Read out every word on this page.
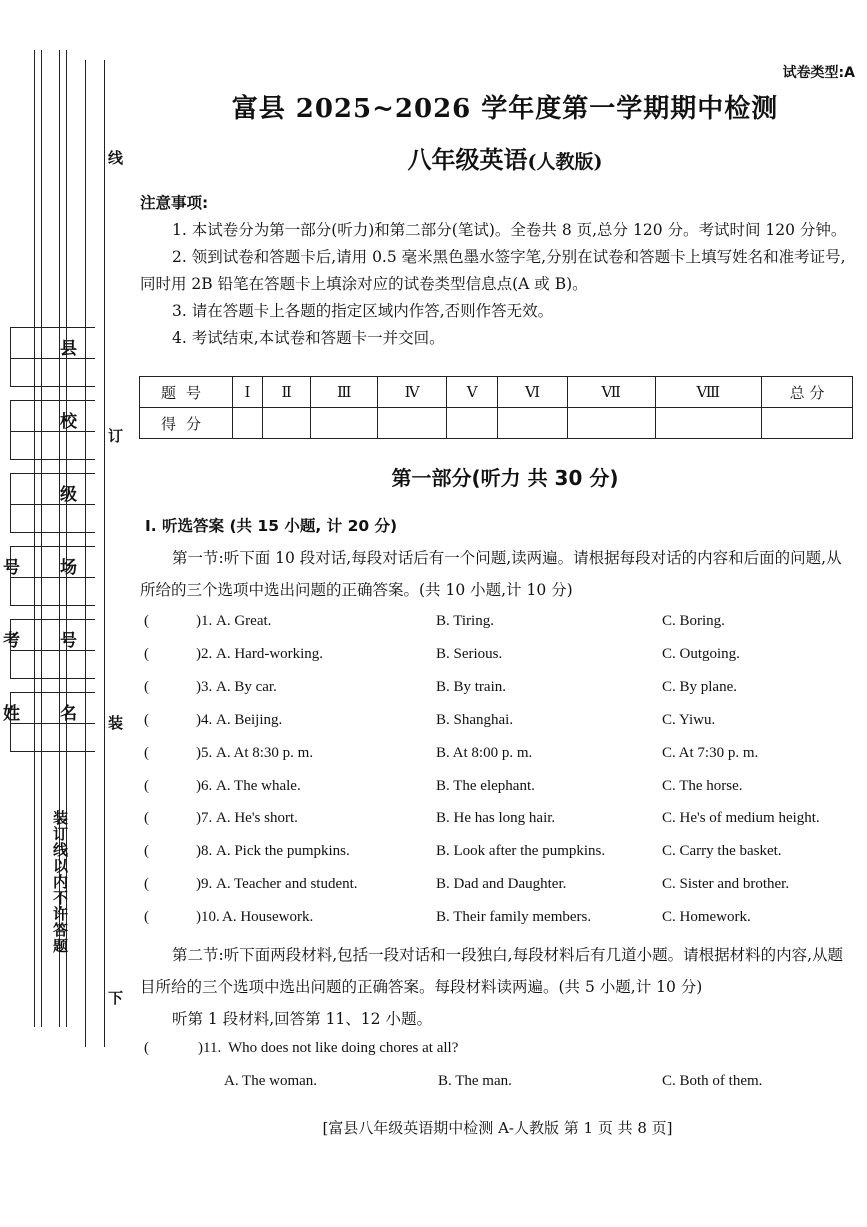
线
订
装
下
县
校
级
号 场
考 号
姓 名
装订线以内不许答题
试卷类型:A
富县 2025~2026 学年度第一学期期中检测
八年级英语(人教版)
注意事项:

1. 本试卷分为第一部分(听力)和第二部分(笔试)。全卷共 8 页,总分 120 分。考试时间 120 分钟。

2. 领到试卷和答题卡后,请用 0.5 毫米黑色墨水签字笔,分别在试卷和答题卡上填写姓名和准考证号,同时用 2B 铅笔在答题卡上填涂对应的试卷类型信息点(A 或 B)。

3. 请在答题卡上各题的指定区域内作答,否则作答无效。

4. 考试结束,本试卷和答题卡一并交回。

题号	Ⅰ	Ⅱ	Ⅲ	Ⅳ	Ⅴ	Ⅵ	Ⅶ	Ⅷ	总 分
得分									
第一部分(听力 共 30 分)
Ⅰ. 听选答案 (共 15 小题, 计 20 分)

第一节:听下面 10 段对话,每段对话后有一个问题,读两遍。请根据每段对话的内容和后面的问题,从所给的三个选项中选出问题的正确答案。(共 10 小题,计 10 分)

(	)1. A. Great.	B. Tiring.	C. Boring.
(	)2. A. Hard-working.	B. Serious.	C. Outgoing.
(	)3. A. By car.	B. By train.	C. By plane.
(	)4. A. Beijing.	B. Shanghai.	C. Yiwu.
(	)5. A. At 8:30 p. m.	B. At 8:00 p. m.	C. At 7:30 p. m.
(	)6. A. The whale.	B. The elephant.	C. The horse.
(	)7. A. He's short.	B. He has long hair.	C. He's of medium height.
(	)8. A. Pick the pumpkins.	B. Look after the pumpkins.	C. Carry the basket.
(	)9. A. Teacher and student.	B. Dad and Daughter.	C. Sister and brother.
(	)10. A. Housework.	B. Their family members.	C. Homework.

第二节:听下面两段材料,包括一段对话和一段独白,每段材料后有几道小题。请根据材料的内容,从题目所给的三个选项中选出问题的正确答案。每段材料读两遍。(共 5 小题,计 10 分)

听第 1 段材料,回答第 11、12 小题。

(	)11. Who does not like doing chores at all?
A. The woman.	B. The man.	C. Both of them.
[富县八年级英语期中检测 A-人教版 第 1 页 共 8 页]
